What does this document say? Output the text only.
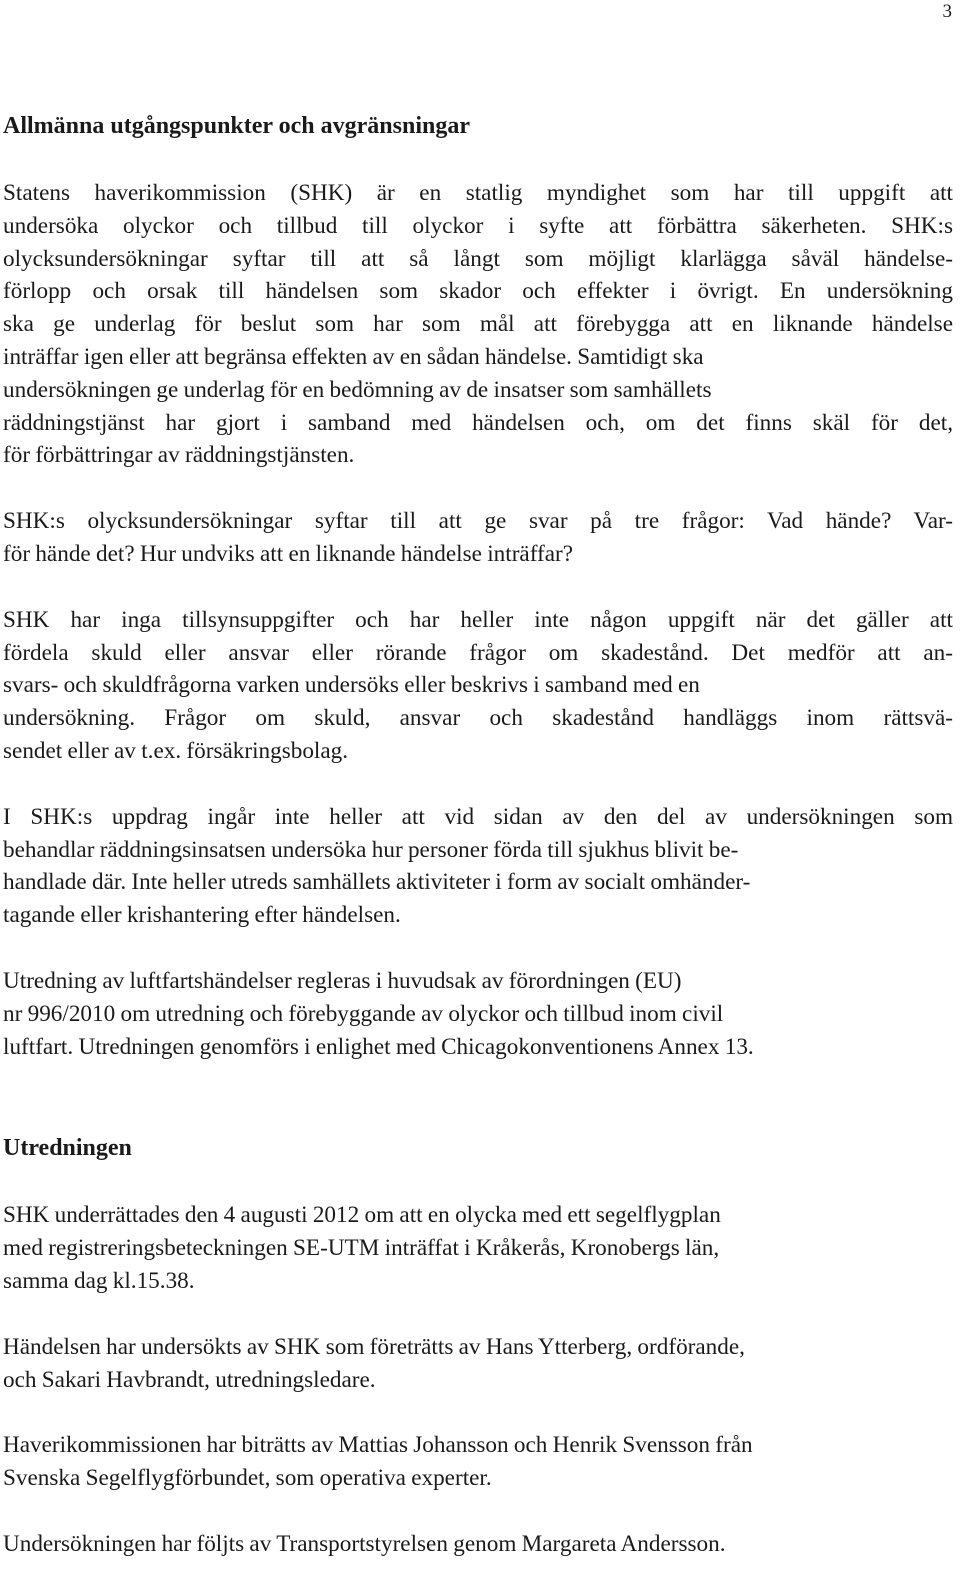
3
Allmänna utgångspunkter och avgränsningar

Statens haverikommission (SHK) är en statlig myndighet som har till uppgift att
undersöka olyckor och tillbud till olyckor i syfte att förbättra säkerheten. SHK:s
olycksundersökningar syftar till att så långt som möjligt klarlägga såväl händelse-
förlopp och orsak till händelsen som skador och effekter i övrigt. En undersökning
ska ge underlag för beslut som har som mål att förebygga att en liknande händelse
inträffar igen eller att begränsa effekten av en sådan händelse. Samtidigt ska
undersökningen ge underlag för en bedömning av de insatser som samhällets
räddningstjänst har gjort i samband med händelsen och, om det finns skäl för det,
för förbättringar av räddningstjänsten.

SHK:s olycksundersökningar syftar till att ge svar på tre frågor: Vad hände? Var-
för hände det? Hur undviks att en liknande händelse inträffar?

SHK har inga tillsynsuppgifter och har heller inte någon uppgift när det gäller att
fördela skuld eller ansvar eller rörande frågor om skadestånd. Det medför att an-
svars- och skuldfrågorna varken undersöks eller beskrivs i samband med en
undersökning. Frågor om skuld, ansvar och skadestånd handläggs inom rättsvä-
sendet eller av t.ex. försäkringsbolag.

I SHK:s uppdrag ingår inte heller att vid sidan av den del av undersökningen som
behandlar räddningsinsatsen undersöka hur personer förda till sjukhus blivit be-
handlade där. Inte heller utreds samhällets aktiviteter i form av socialt omhänder-
tagande eller krishantering efter händelsen.

Utredning av luftfartshändelser regleras i huvudsak av förordningen (EU)
nr 996/2010 om utredning och förebyggande av olyckor och tillbud inom civil
luftfart. Utredningen genomförs i enlighet med Chicagokonventionens Annex 13.

Utredningen

SHK underrättades den 4 augusti 2012 om att en olycka med ett segelflygplan
med registreringsbeteckningen SE-UTM inträffat i Kråkerås, Kronobergs län,
samma dag kl.15.38.

Händelsen har undersökts av SHK som företrätts av Hans Ytterberg, ordförande,
och Sakari Havbrandt, utredningsledare.

Haverikommissionen har biträtts av Mattias Johansson och Henrik Svensson från
Svenska Segelflygförbundet, som operativa experter.

Undersökningen har följts av Transportstyrelsen genom Margareta Andersson.
